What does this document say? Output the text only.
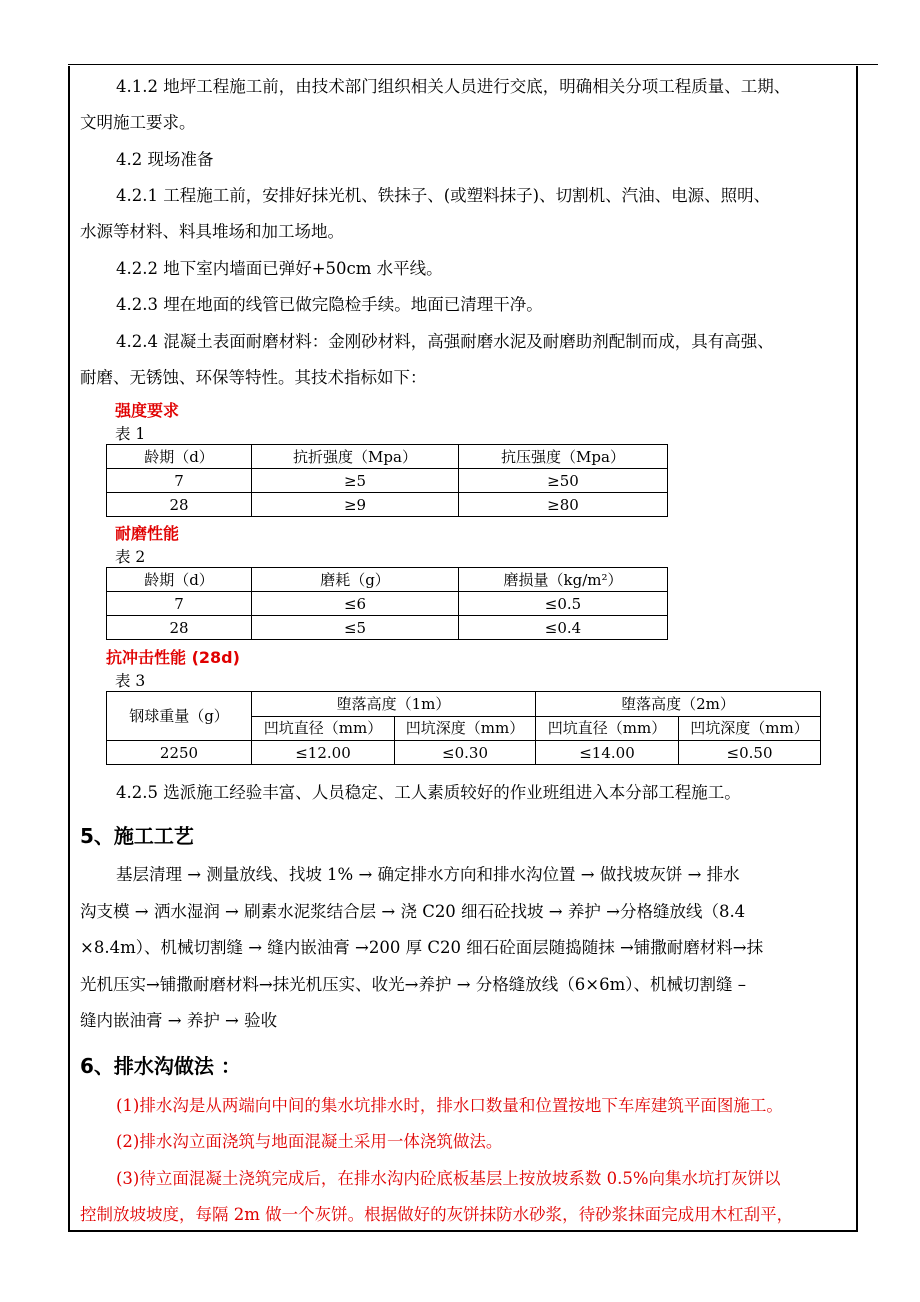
4.1.2 地坪工程施工前，由技术部门组织相关人员进行交底，明确相关分项工程质量、工期、
文明施工要求。
4.2 现场准备
4.2.1 工程施工前，安排好抹光机、铁抹子、(或塑料抹子)、切割机、汽油、电源、照明、
水源等材料、料具堆场和加工场地。
4.2.2 地下室内墙面已弹好+50cm 水平线。
4.2.3 埋在地面的线管已做完隐检手续。地面已清理干净。
4.2.4 混凝土表面耐磨材料：金刚砂材料，高强耐磨水泥及耐磨助剂配制而成，具有高强、
耐磨、无锈蚀、环保等特性。其技术指标如下：
强度要求
表 1
龄期（d）	抗折强度（Mpa）	抗压强度（Mpa）
7	≥5	≥50
28	≥9	≥80
耐磨性能
表 2
龄期（d）	磨耗（g）	磨损量（kg/m²）
7	≤6	≤0.5
28	≤5	≤0.4
抗冲击性能 (28d)
表 3
钢球重量（g）	堕落高度（1m）		堕落高度（2m）	
	凹坑直径（mm）	凹坑深度（mm）	凹坑直径（mm）	凹坑深度（mm）
2250	≤12.00	≤0.30	≤14.00	≤0.50
4.2.5 选派施工经验丰富、人员稳定、工人素质较好的作业班组进入本分部工程施工。
5、施工工艺
基层清理 → 测量放线、找坡 1% → 确定排水方向和排水沟位置 → 做找坡灰饼 → 排水
沟支模 → 洒水湿润 → 刷素水泥浆结合层 → 浇 C20 细石砼找坡 → 养护 →分格缝放线（8.4
×8.4m）、机械切割缝 → 缝内嵌油膏 →200 厚 C20 细石砼面层随捣随抹 →铺撒耐磨材料→抹
光机压实→铺撒耐磨材料→抹光机压实、收光→养护 → 分格缝放线（6×6m）、机械切割缝 –
缝内嵌油膏 → 养护 → 验收
6、排水沟做法 ：
(1)排水沟是从两端向中间的集水坑排水时，排水口数量和位置按地下车库建筑平面图施工。
(2)排水沟立面浇筑与地面混凝土采用一体浇筑做法。
(3)待立面混凝土浇筑完成后，在排水沟内砼底板基层上按放坡系数 0.5%向集水坑打灰饼以
控制放坡坡度，每隔 2m 做一个灰饼。根据做好的灰饼抹防水砂浆，待砂浆抹面完成用木杠刮平，
